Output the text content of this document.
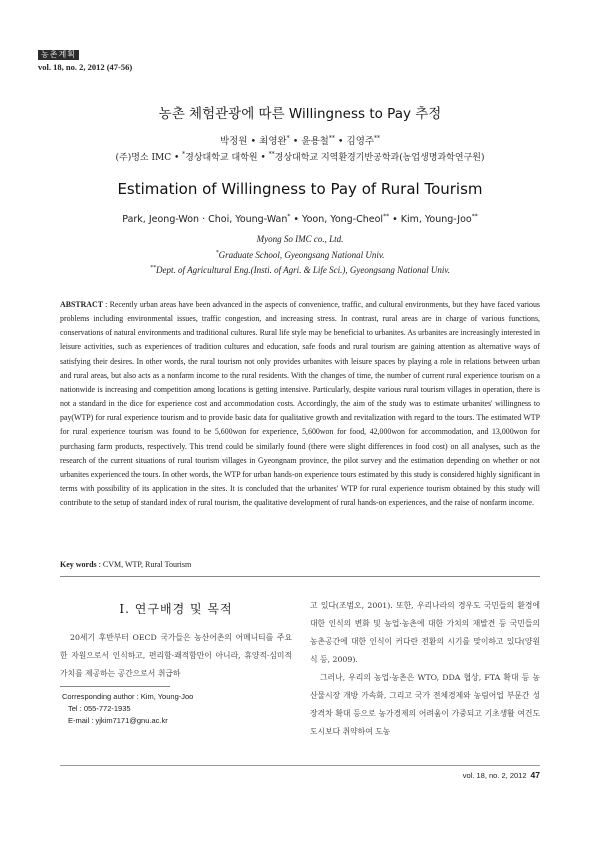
농촌계획
vol. 18, no. 2, 2012 (47-56)
농촌 체험관광에 따른 Willingness to Pay 추정
박정원 • 최영완* • 윤용철** • 김영주**
(주)명소 IMC • *경상대학교 대학원 • **경상대학교 지역환경기반공학과(농업생명과학연구원)
Estimation of Willingness to Pay of Rural Tourism
Park, Jeong-Won · Choi, Young-Wan* • Yoon, Yong-Cheol** • Kim, Young-Joo**
Myong So IMC co., Ltd.
*Graduate School, Gyeongsang National Univ.
**Dept. of Agricultural Eng.(Insti. of Agri. & Life Sci.), Gyeongsang National Univ.
ABSTRACT : Recently urban areas have been advanced in the aspects of convenience, traffic, and cultural environments, but they have faced various problems including environmental issues, traffic congestion, and increasing stress. In contrast, rural areas are in charge of various functions, conservations of natural environments and traditional cultures. Rural life style may be beneficial to urbanites. As urbanites are increasingly interested in leisure activities, such as experiences of tradition cultures and education, safe foods and rural tourism are gaining attention as alternative ways of satisfying their desires. In other words, the rural tourism not only provides urbanites with leisure spaces by playing a role in relations between urban and rural areas, but also acts as a nonfarm income to the rural residents. With the changes of time, the number of current rural experience tourism on a nationwide is increasing and competition among locations is getting intensive. Particularly, despite various rural tourism villages in operation, there is not a standard in the dice for experience cost and accommodation costs. Accordingly, the aim of the study was to estimate urbanites' willingness to pay(WTP) for rural experience tourism and to provide basic data for qualitative growth and revitalization with regard to the tours. The estimated WTP for rural experience tourism was found to be 5,600won for experience, 5,600won for food, 42,000won for accommodation, and 13,000won for purchasing farm products, respectively. This trend could be similarly found (there were slight differences in food cost) on all analyses, such as the research of the current situations of rural tourism villages in Gyeongnam province, the pilot survey and the estimation depending on whether or not urbanites experienced the tours. In other words, the WTP for urban hands-on experience tours estimated by this study is considered highly significant in terms with possibility of its application in the sites. It is concluded that the urbanites' WTP for rural experience tourism obtained by this study will contribute to the setup of standard index of rural tourism, the qualitative development of rural hands-on experiences, and the raise of nonfarm income.
Key words : CVM, WTP, Rural Tourism
Ⅰ. 연구배경 및 목적

20세기 후반부터 OECD 국가들은 농산어촌의 어메니티를 주요한 자원으로서 인식하고, 편리함·쾌적함만이 아니라, 휴양적·심미적 가치를 제공하는 공간으로서 취급하

고 있다(조범오, 2001). 또한, 우리나라의 경우도 국민들의 환경에 대한 인식의 변화 및 농업·농촌에 대한 가치의 재발견 등 국민들의 농촌공간에 대한 인식이 커다란 전환의 시기를 맞이하고 있다(양원식 등, 2009).

그러나, 우리의 농업·농촌은 WTO, DDA 협상, FTA 확대 등 농산물시장 개방 가속화, 그리고 국가 전체경제와 농림어업 부문간 성장격차 확대 등으로 농가경제의 어려움이 가중되고 기초생활 여건도 도시보다 취약하여 도농

Corresponding author : Kim, Young-Joo
Tel : 055-772-1935
E-mail : yjkim7171@gnu.ac.kr
vol. 18, no. 2, 2012 47
